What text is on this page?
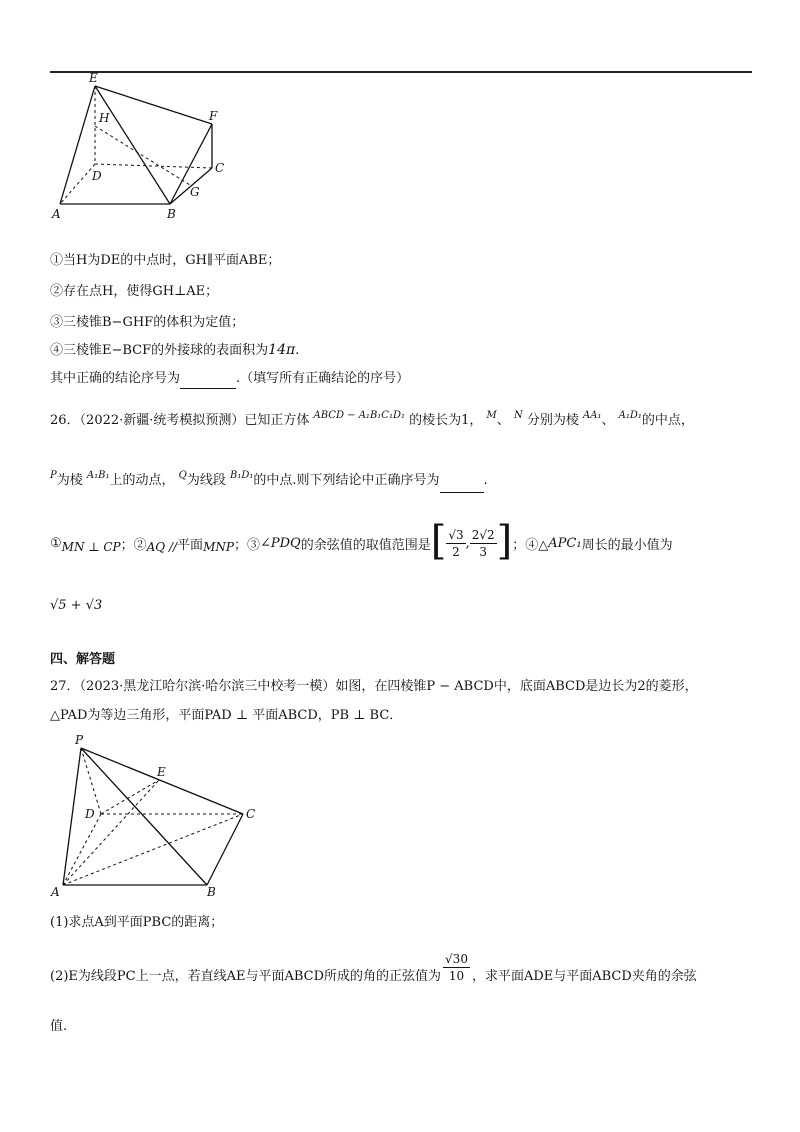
E
H	F
C
D
G
A	B
①当H为DE的中点时，GH∥平面ABE；
②存在点H，使得GH⊥AE；
③三棱锥B−GHF的体积为定值；
④三棱锥E−BCF的外接球的表面积为14π.
其中正确的结论序号为	.（填写所有正确结论的序号）
26．（2022·新疆·统考模拟预测）已知正方体 $^{ABCD - A_1B_1C_1D_1}$ 的棱长为1， $^M$、 $^N$ 分别为棱 $^{AA_1}$、 $^{A_1D_1}$的中点，
$^P$为棱 $^{A_1B_1}$上的动点， $^Q$为线段 $^{B_1D_1}$的中点.则下列结论中正确序号为	.
① MN ⊥ CP ；② AQ // 平面 MNP ；③ ∠PDQ 的余弦值的取值范围是 [ $\frac{√3}{2}$ , $\frac{2√2}{3}$ ] ；④△ APC₁ 周长的最小值为
√5 + √3
四、解答题
27．（2023·黑龙江哈尔滨·哈尔滨三中校考一模）如图，在四棱锥P − ABCD中，底面ABCD是边长为2的菱形，
△PAD为等边三角形，平面PAD ⊥ 平面ABCD，PB ⊥ BC．
P
E
D	C
A	B
(1)求点A到平面PBC的距离；
(2)E为线段PC上一点，若直线AE与平面ABCD所成的角的正弦值为 $\frac{√30}{10}$ ，求平面ADE与平面ABCD夹角的余弦
值.
